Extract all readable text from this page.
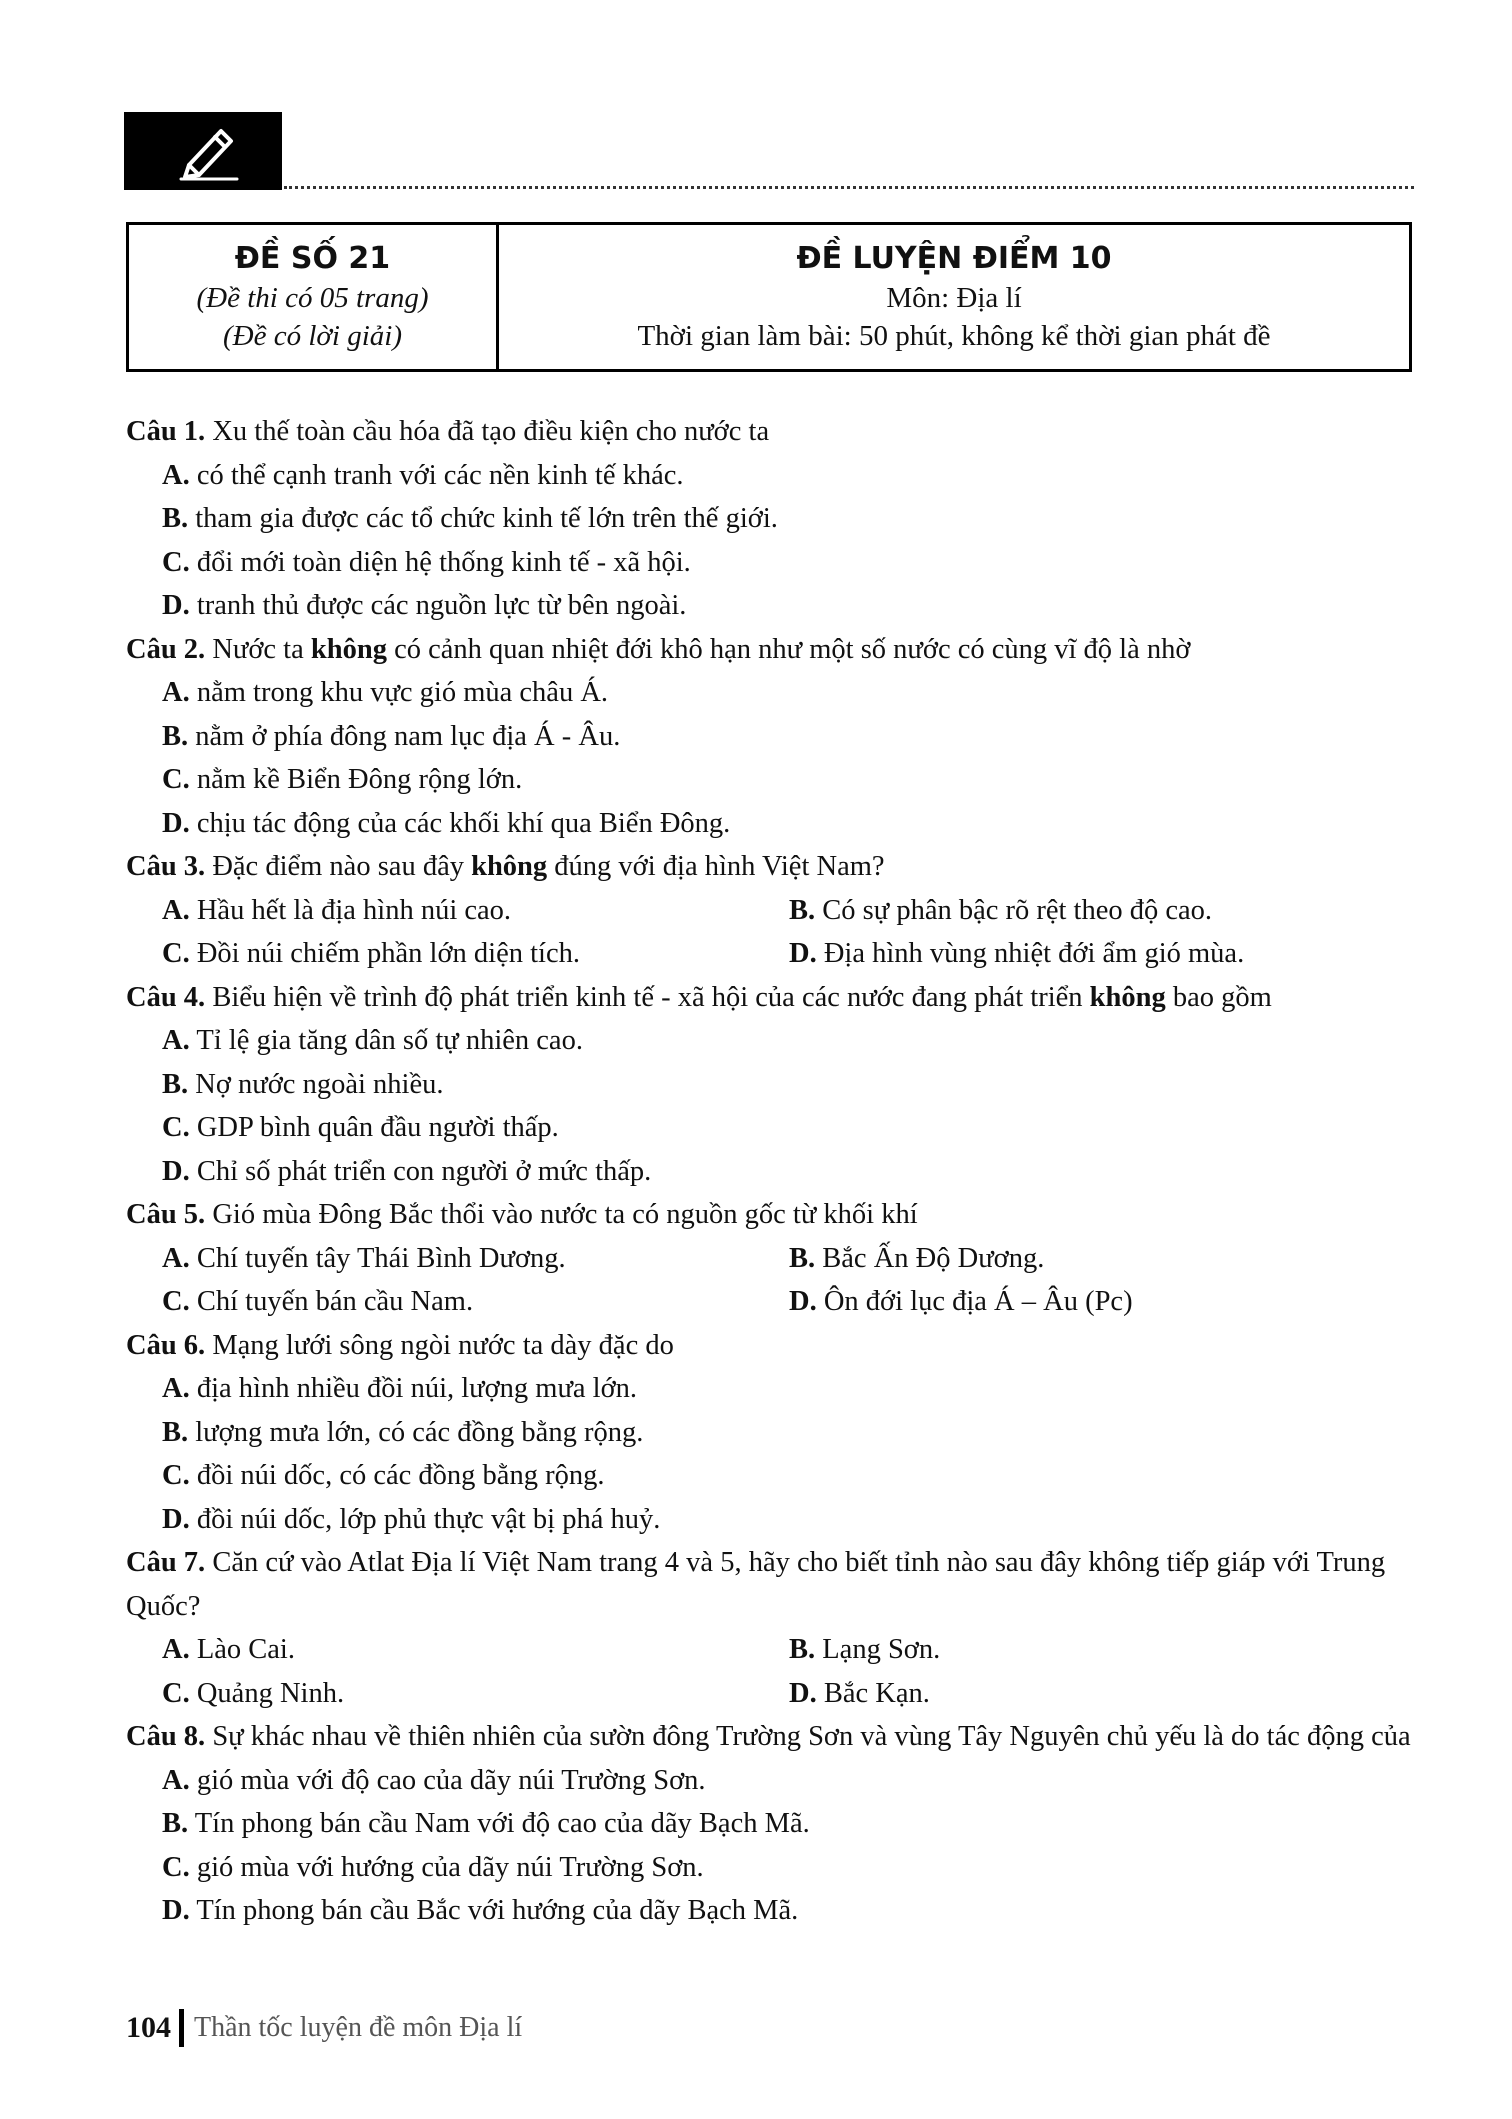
ĐỀ SỐ 21
(Đề thi có 05 trang)
(Đề có lời giải)
ĐỀ LUYỆN ĐIỂM 10
Môn: Địa lí
Thời gian làm bài: 50 phút, không kể thời gian phát đề
Câu 1. Xu thế toàn cầu hóa đã tạo điều kiện cho nước ta
A. có thể cạnh tranh với các nền kinh tế khác.
B. tham gia được các tổ chức kinh tế lớn trên thế giới.
C. đổi mới toàn diện hệ thống kinh tế - xã hội.
D. tranh thủ được các nguồn lực từ bên ngoài.
Câu 2. Nước ta không có cảnh quan nhiệt đới khô hạn như một số nước có cùng vĩ độ là nhờ
A. nằm trong khu vực gió mùa châu Á.
B. nằm ở phía đông nam lục địa Á - Âu.
C. nằm kề Biển Đông rộng lớn.
D. chịu tác động của các khối khí qua Biển Đông.
Câu 3. Đặc điểm nào sau đây không đúng với địa hình Việt Nam?
A. Hầu hết là địa hình núi cao.	B. Có sự phân bậc rõ rệt theo độ cao.
C. Đồi núi chiếm phần lớn diện tích.	D. Địa hình vùng nhiệt đới ẩm gió mùa.
Câu 4. Biểu hiện về trình độ phát triển kinh tế - xã hội của các nước đang phát triển không bao gồm
A. Tỉ lệ gia tăng dân số tự nhiên cao.
B. Nợ nước ngoài nhiều.
C. GDP bình quân đầu người thấp.
D. Chỉ số phát triển con người ở mức thấp.
Câu 5. Gió mùa Đông Bắc thổi vào nước ta có nguồn gốc từ khối khí
A. Chí tuyến tây Thái Bình Dương.	B. Bắc Ấn Độ Dương.
C. Chí tuyến bán cầu Nam.	D. Ôn đới lục địa Á – Âu (Pc)
Câu 6. Mạng lưới sông ngòi nước ta dày đặc do
A. địa hình nhiều đồi núi, lượng mưa lớn.
B. lượng mưa lớn, có các đồng bằng rộng.
C. đồi núi dốc, có các đồng bằng rộng.
D. đồi núi dốc, lớp phủ thực vật bị phá huỷ.
Câu 7. Căn cứ vào Atlat Địa lí Việt Nam trang 4 và 5, hãy cho biết tỉnh nào sau đây không tiếp giáp với Trung Quốc?
A. Lào Cai.	B. Lạng Sơn.
C. Quảng Ninh.	D. Bắc Kạn.
Câu 8. Sự khác nhau về thiên nhiên của sườn đông Trường Sơn và vùng Tây Nguyên chủ yếu là do tác động của
A. gió mùa với độ cao của dãy núi Trường Sơn.
B. Tín phong bán cầu Nam với độ cao của dãy Bạch Mã.
C. gió mùa với hướng của dãy núi Trường Sơn.
D. Tín phong bán cầu Bắc với hướng của dãy Bạch Mã.
104 Thần tốc luyện đề môn Địa lí
